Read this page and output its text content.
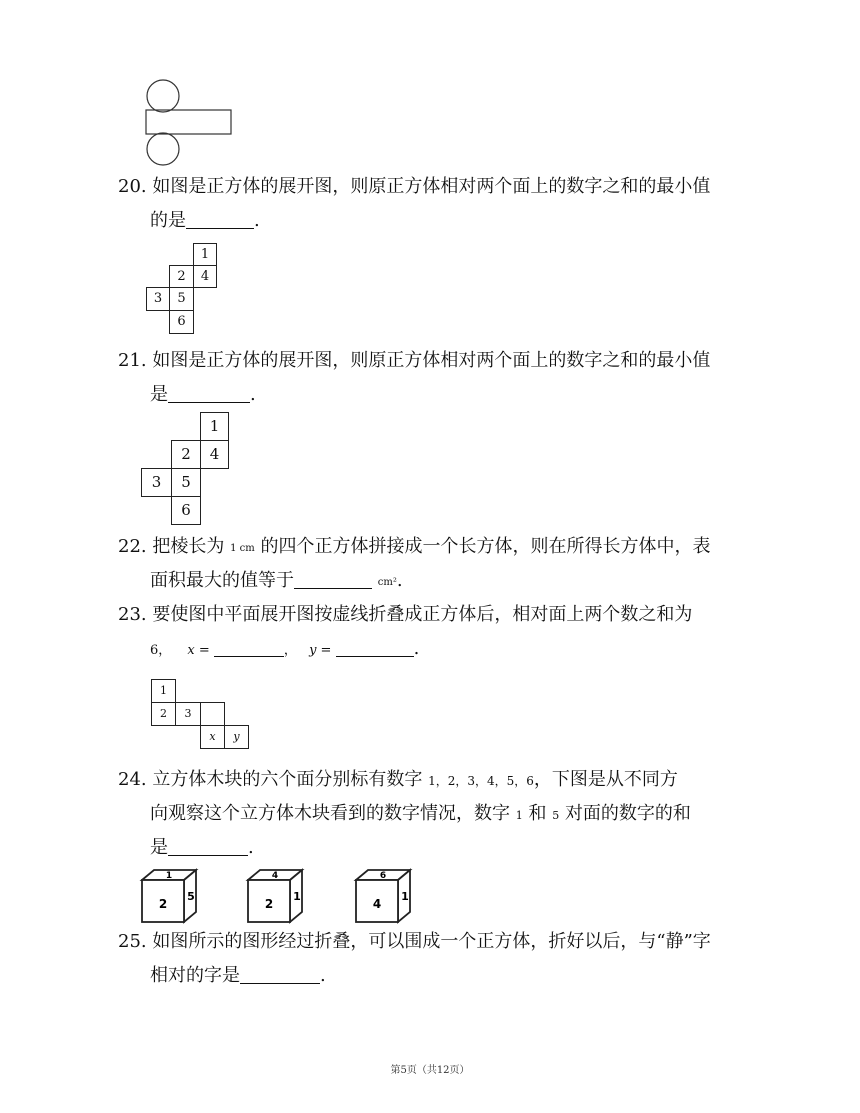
20. 如图是正方体的展开图，则原正方体相对两个面上的数字之和的最小值
的是	.
1
2	4
3	5
6
21. 如图是正方体的展开图，则原正方体相对两个面上的数字之和的最小值
是	.
1
2	4
3	5
6
22. 把棱长为 1 cm 的四个正方体拼接成一个长方体，则在所得长方体中，表
面积最大的值等于	cm².
23. 要使图中平面展开图按虚线折叠成正方体后，相对面上两个数之和为
6， x =	， y =	.
1
2	3
x	y
24. 立方体木块的六个面分别标有数字 1，2，3，4，5，6，下图是从不同方
向观察这个立方体木块看到的数字情况，数字 1 和 5 对面的数字的和
是	.
1
2
5
4
2
1
6
4
1
25. 如图所示的图形经过折叠，可以围成一个正方体，折好以后，与“静”字
相对的字是	.
第5页（共12页）
